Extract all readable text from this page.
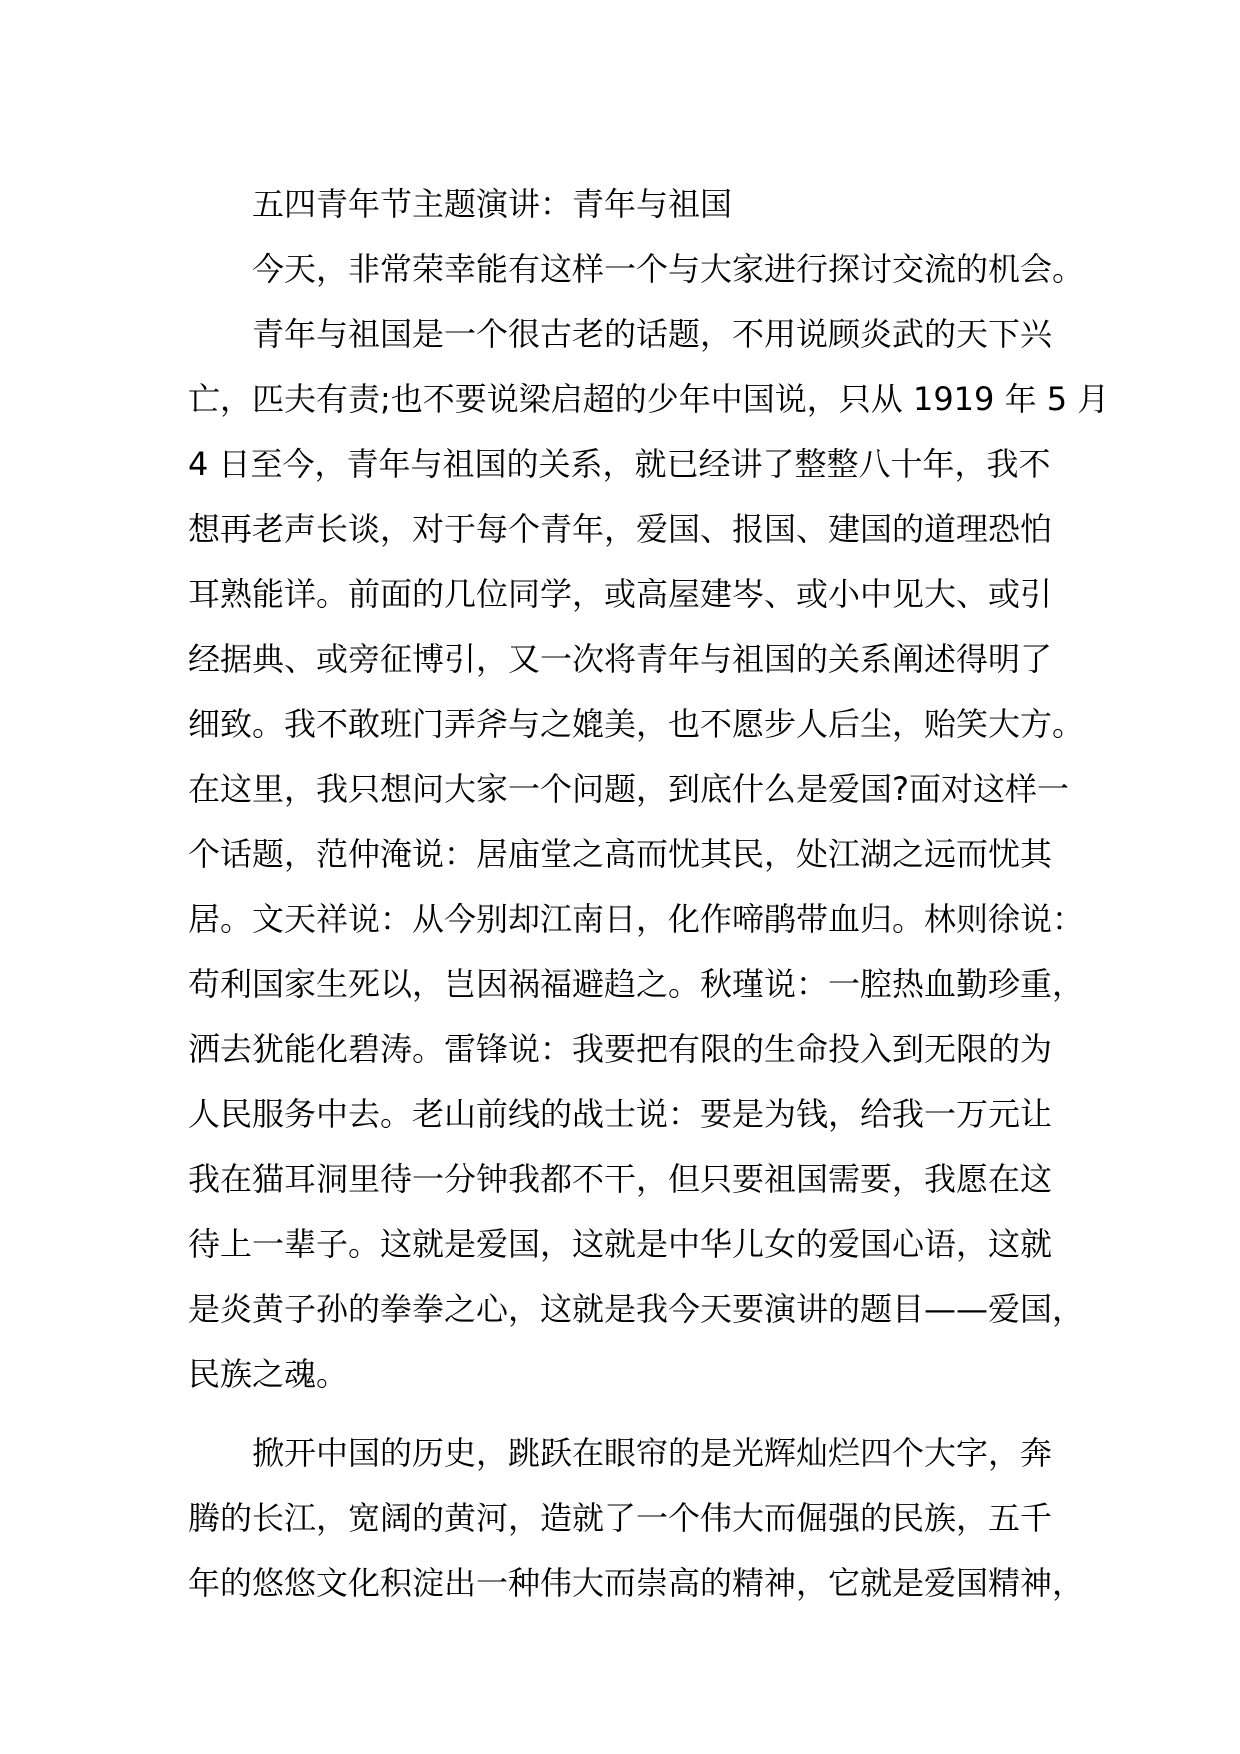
五四青年节主题演讲：青年与祖国
今天，非常荣幸能有这样一个与大家进行探讨交流的机会。
青年与祖国是一个很古老的话题，不用说顾炎武的天下兴
亡，匹夫有责;也不要说梁启超的少年中国说，只从 1919 年 5 月
4 日至今，青年与祖国的关系，就已经讲了整整八十年，我不
想再老声长谈，对于每个青年，爱国、报国、建国的道理恐怕
耳熟能详。前面的几位同学，或高屋建岑、或小中见大、或引
经据典、或旁征博引，又一次将青年与祖国的关系阐述得明了
细致。我不敢班门弄斧与之媲美，也不愿步人后尘，贻笑大方。
在这里，我只想问大家一个问题，到底什么是爱国?面对这样一
个话题，范仲淹说：居庙堂之高而忧其民，处江湖之远而忧其
居。文天祥说：从今别却江南日，化作啼鹃带血归。林则徐说：
苟利国家生死以，岂因祸福避趋之。秋瑾说：一腔热血勤珍重，
洒去犹能化碧涛。雷锋说：我要把有限的生命投入到无限的为
人民服务中去。老山前线的战士说：要是为钱，给我一万元让
我在猫耳洞里待一分钟我都不干，但只要祖国需要，我愿在这
待上一辈子。这就是爱国，这就是中华儿女的爱国心语，这就
是炎黄子孙的拳拳之心，这就是我今天要演讲的题目——爱国，
民族之魂。
掀开中国的历史，跳跃在眼帘的是光辉灿烂四个大字，奔
腾的长江，宽阔的黄河，造就了一个伟大而倔强的民族，五千
年的悠悠文化积淀出一种伟大而崇高的精神，它就是爱国精神，
